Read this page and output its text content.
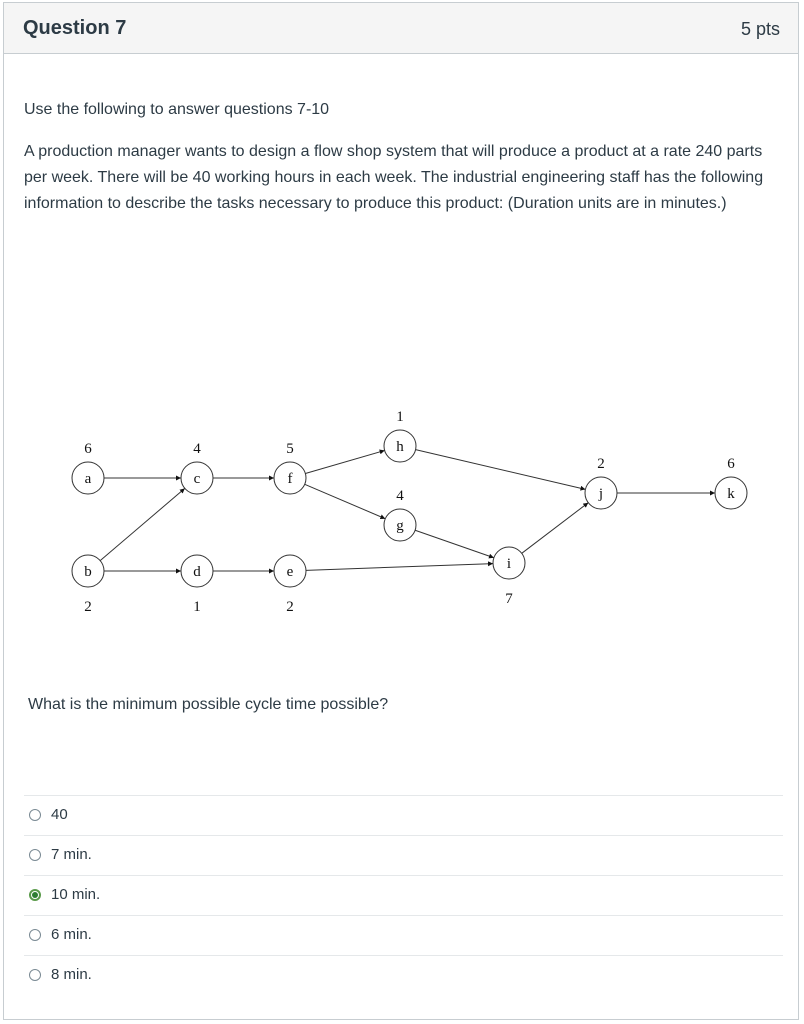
Question 7	5 pts
Use the following to answer questions 7-10
A production manager wants to design a flow shop system that will produce a product at a rate 240 parts per week. There will be 40 working hours in each week. The industrial engineering staff has the following information to describe the tasks necessary to produce this product: (Duration units are in minutes.)
a
6
b
2
c
4
d
1
e
2
f
5	h
1
g
4
i
7
j
2
k
6
What is the minimum possible cycle time possible?
40
7 min.
10 min.
6 min.
8 min.
